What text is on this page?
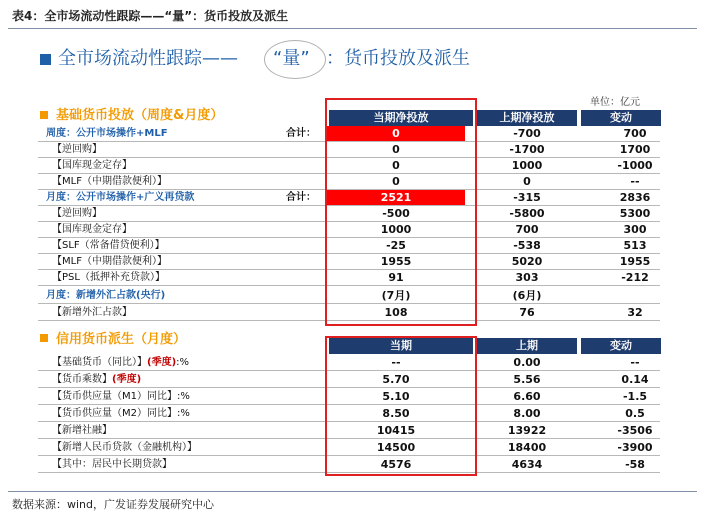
表4：全市场流动性跟踪——“量”：货币投放及派生
全市场流动性跟踪—— “量” ：货币投放及派生
基础货币投放（周度&月度）
单位：亿元
当期净投放	上期净投放	变动
周度：公开市场操作+MLF	合计：	0	-700	700
【逆回购】	0	-1700	1700
【国库现金定存】	0	1000	-1000
【MLF（中期借款便利）】	0	0	--
月度：公开市场操作+广义再贷款	合计：	2521	-315	2836
【逆回购】	-500	-5800	5300
【国库现金定存】	1000	700	300
【SLF（常备借贷便利）】	-25	-538	513
【MLF（中期借款便利）】	1955	5020	1955
【PSL（抵押补充贷款）】	91	303	-212
月度：新增外汇占款(央行)	(7月)	(6月)
【新增外汇占款】	108	76	32
信用货币派生（月度）	当期	上期	变动
【基础货币（同比）】(季度):%	--	0.00	--
【货币乘数】(季度)	5.70	5.56	0.14
【货币供应量（M1）同比】:%	5.10	6.60	-1.5
【货币供应量（M2）同比】:%	8.50	8.00	0.5
【新增社融】	10415	13922	-3506
【新增人民币贷款（金融机构）】	14500	18400	-3900
【其中：居民中长期贷款】	4576	4634	-58
数据来源：wind，广发证券发展研究中心
